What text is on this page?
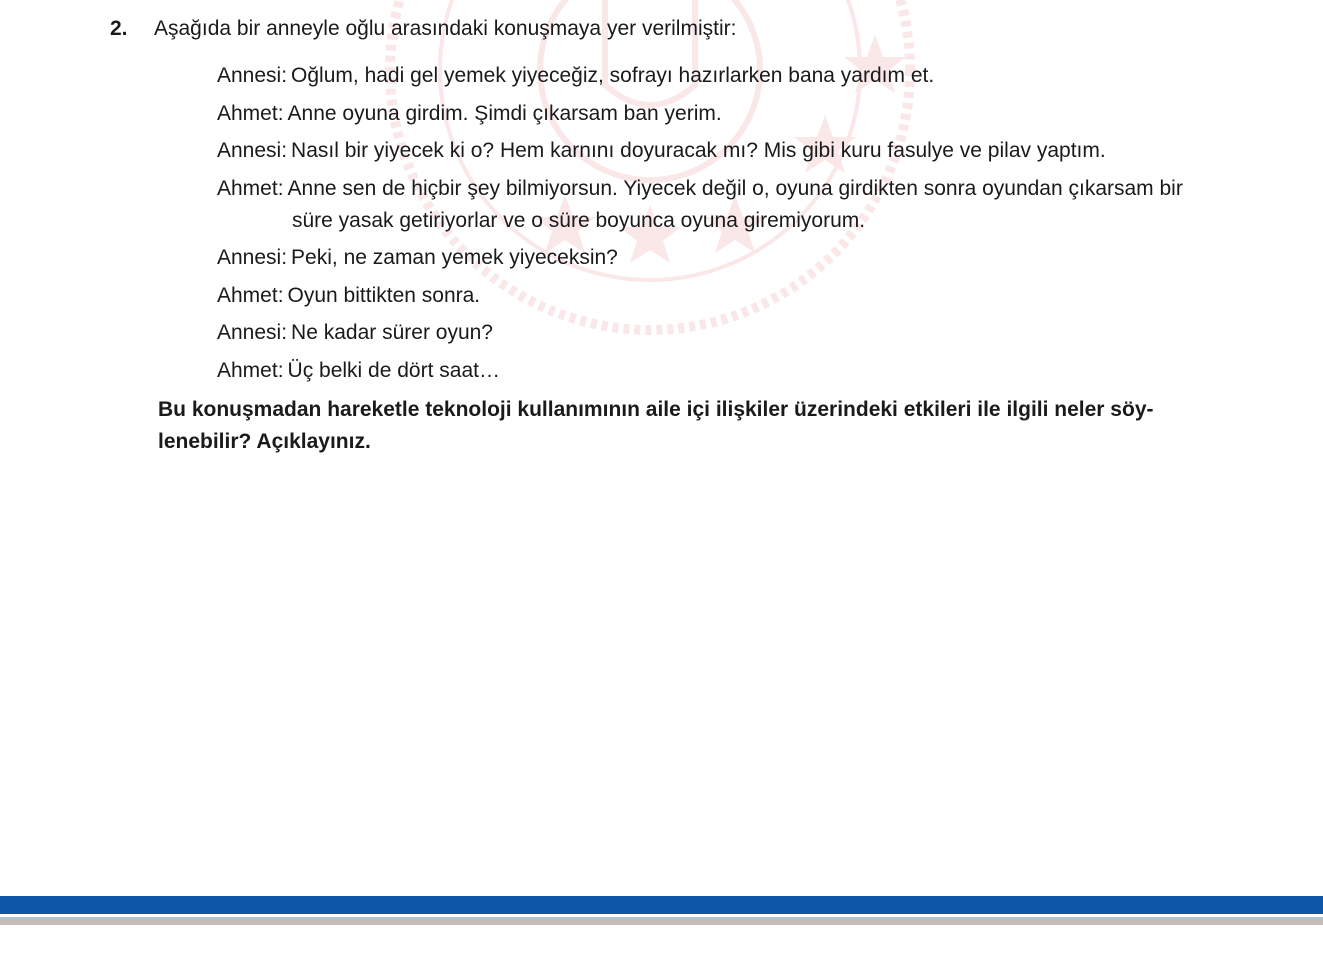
2. Aşağıda bir anneyle oğlu arasındaki konuşmaya yer verilmiştir:
Annesi: Oğlum, hadi gel yemek yiyeceğiz, sofrayı hazırlarken bana yardım et.
Ahmet: Anne oyuna girdim. Şimdi çıkarsam ban yerim.
Annesi: Nasıl bir yiyecek ki o? Hem karnını doyuracak mı? Mis gibi kuru fasulye ve pilav yaptım.
Ahmet: Anne sen de hiçbir şey bilmiyorsun. Yiyecek değil o, oyuna girdikten sonra oyundan çıkarsam bir süre yasak getiriyorlar ve o süre boyunca oyuna giremiyorum.
Annesi: Peki, ne zaman yemek yiyeceksin?
Ahmet: Oyun bittikten sonra.
Annesi: Ne kadar sürer oyun?
Ahmet: Üç belki de dört saat…
Bu konuşmadan hareketle teknoloji kullanımının aile içi ilişkiler üzerindeki etkileri ile ilgili neler söy-lenebilir? Açıklayınız.
